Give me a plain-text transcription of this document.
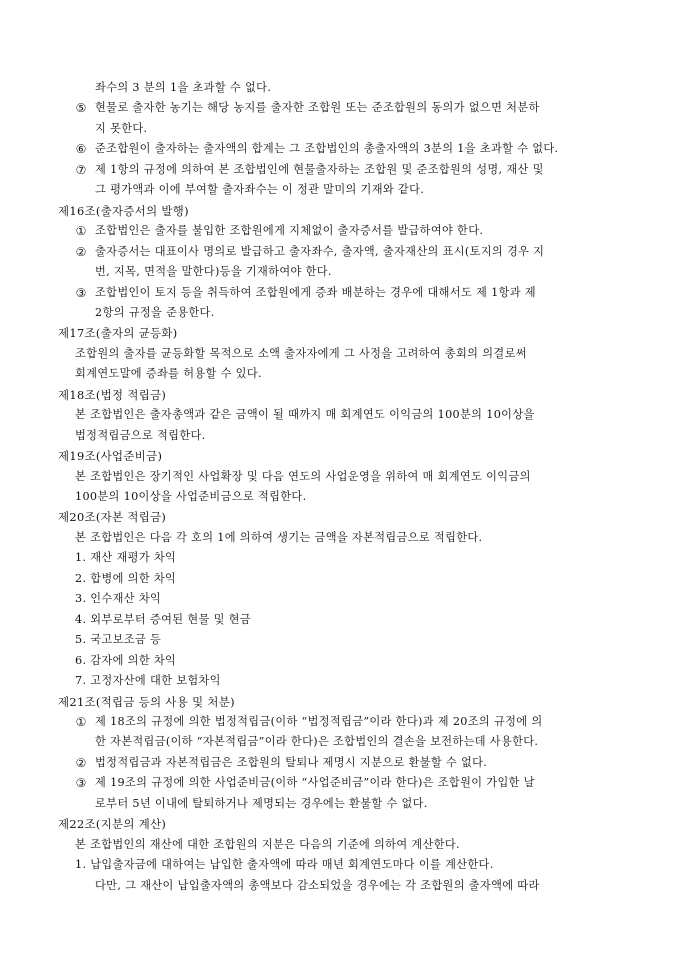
좌수의 3 분의 1을 초과할 수 없다.
⑤ 현물로 출자한 농기는 해당 농지를 출자한 조합원 또는 준조합원의 동의가 없으면 처분하
지 못한다.
⑥ 준조합원이 출자하는 출자액의 합계는 그 조합법인의 총출자액의 3분의 1을 초과할 수 없다.
⑦ 제 1항의 규정에 의하여 본 조합법인에 현물출자하는 조합원 및 준조합원의 성명, 재산 및
그 평가액과 이에 부여할 출자좌수는 이 정관 말미의 기재와 같다.
제16조(출자증서의 발행)
① 조합법인은 출자를 불입한 조합원에게 지체없이 출자증서를 발급하여야 한다.
② 출자증서는 대표이사 명의로 발급하고 출자좌수, 출자액, 출자재산의 표시(토지의 경우 지
번, 지목, 면적을 말한다)등을 기재하여야 한다.
③ 조합법인이 토지 등을 취득하여 조합원에게 증좌 배분하는 경우에 대해서도 제 1항과 제
2항의 규정을 준용한다.
제17조(출자의 균등화)
조합원의 출자를 균등화할 목적으로 소액 출자자에게 그 사정을 고려하여 총회의 의결로써
회계연도말에 증좌를 허용할 수 있다.
제18조(법정 적립금)
본 조합법인은 출자총액과 같은 금액이 될 때까지 매 회계연도 이익금의 100분의 10이상을
법정적립금으로 적립한다.
제19조(사업준비금)
본 조합법인은 장기적인 사업확장 및 다음 연도의 사업운영을 위하여 매 회계연도 이익금의
100분의 10이상을 사업준비금으로 적립한다.
제20조(자본 적립금)
본 조합법인은 다음 각 호의 1에 의하여 생기는 금액을 자본적립금으로 적립한다.
1. 재산 재평가 차익
2. 합병에 의한 차익
3. 인수재산 차익
4. 외부로부터 증여된 현물 및 현금
5. 국고보조금 등
6. 감자에 의한 차익
7. 고정자산에 대한 보험차익
제21조(적립금 등의 사용 및 처분)
① 제 18조의 규정에 의한 법정적립금(이하 “법정적립금”이라 한다)과 제 20조의 규정에 의
한 자본적립금(이하 “자본적립금”이라 한다)은 조합법인의 결손을 보전하는데 사용한다.
② 법정적립금과 자본적립금은 조합원의 탈퇴나 제명시 지분으로 환불할 수 없다.
③ 제 19조의 규정에 의한 사업준비금(이하 “사업준비금”이라 한다)은 조합원이 가입한 날
로부터 5년 이내에 탈퇴하거나 제명되는 경우에는 환불할 수 없다.
제22조(지분의 계산)
본 조합법인의 재산에 대한 조합원의 지분은 다음의 기준에 의하여 계산한다.
1. 납입출자금에 대하여는 납입한 출자액에 따라 매년 회계연도마다 이를 계산한다.
다만, 그 재산이 납입출자액의 총액보다 감소되었을 경우에는 각 조합원의 출자액에 따라
